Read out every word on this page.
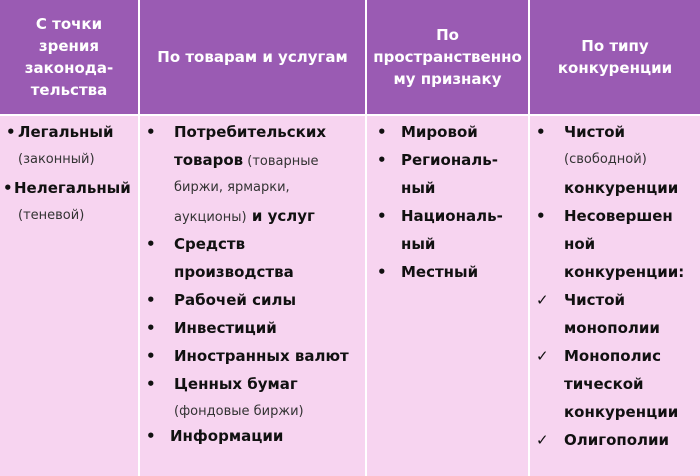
С точки
зрения
законода-
тельства
По товарам и услугам
По
пространственно
му признаку
По типу
конкуренции
• Легальный
(законный)
• Нелегальный
(теневой)
• Потребительских
товаров (товарные
биржи, ярмарки,
аукционы) и услуг
• Средств
производства
• Рабочей силы
• Инвестиций
• Иностранных валют
• Ценных бумаг
(фондовые биржи)
• Информации
• Мировой
• Региональ-
ный
• Националь-
ный
• Местный
• Чистой
(свободной)
конкуренции
• Несовершен
ной
конкуренции:
✓ Чистой
монополии
✓ Монополис
тической
конкуренции
✓ Олигополии
